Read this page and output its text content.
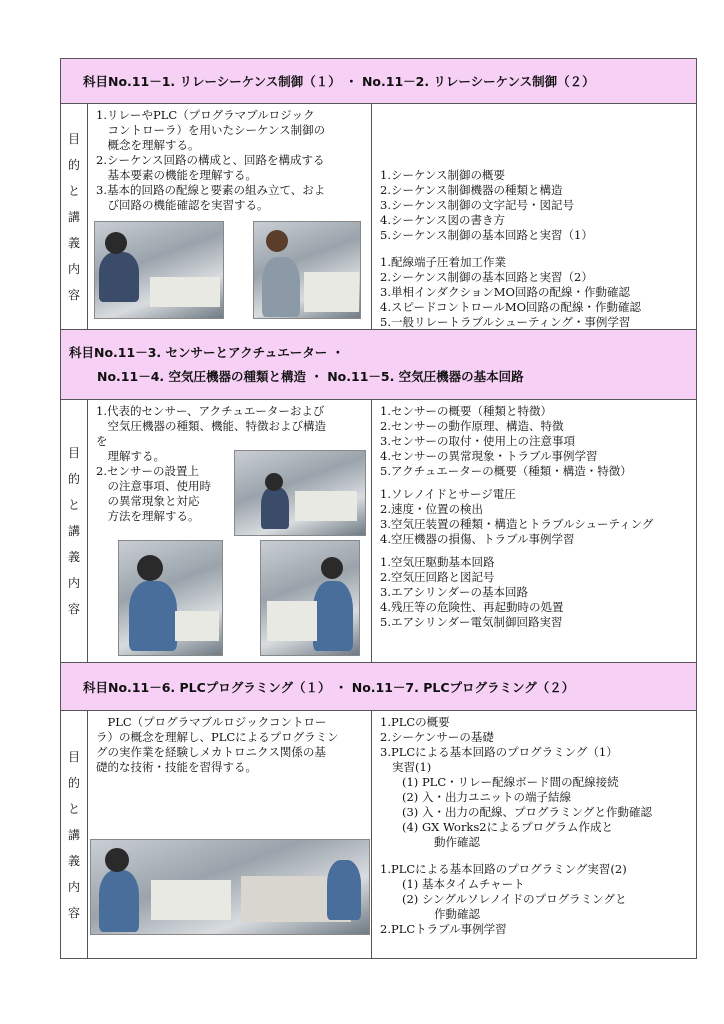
科目No.11－1. リレーシーケンス制御（１） ・ No.11－2. リレーシーケンス制御（２）
目
的
と
講
義
内
容
1.リレーやPLC（プログラマブルロジック
　コントローラ）を用いたシーケンス制御の
　概念を理解する。
2.シーケンス回路の構成と、回路を構成する
　基本要素の機能を理解する。
3.基本的回路の配線と要素の組み立て、およ
　び回路の機能確認を実習する。
1.シーケンス制御の概要
2.シーケンス制御機器の種類と構造
3.シーケンス制御の文字記号・図記号
4.シーケンス図の書き方
5.シーケンス制御の基本回路と実習（1）
1.配線端子圧着加工作業
2.シーケンス制御の基本回路と実習（2）
3.単相インダクションMO回路の配線・作動確認
4.スピードコントロールMO回路の配線・作動確認
5.一般リレートラブルシューティング・事例学習
科目No.11－3. センサーとアクチュエーター ・
No.11－4. 空気圧機器の種類と構造 ・ No.11－5. 空気圧機器の基本回路
目
的
と
講
義
内
容
1.代表的センサー、アクチュエーターおよび
　空気圧機器の種類、機能、特徴および構造
を
　理解する。
2.センサーの設置上
　の注意事項、使用時
　の異常現象と対応
　方法を理解する。
1.センサーの概要（種類と特徴）
2.センサーの動作原理、構造、特徴
3.センサーの取付・使用上の注意事項
4.センサーの異常現象・トラブル事例学習
5.アクチュエーターの概要（種類・構造・特徴）
1.ソレノイドとサージ電圧
2.速度・位置の検出
3.空気圧装置の種類・構造とトラブルシューティング
4.空圧機器の損傷、トラブル事例学習
1.空気圧駆動基本回路
2.空気圧回路と図記号
3.エアシリンダーの基本回路
4.残圧等の危険性、再起動時の処置
5.エアシリンダー電気制御回路実習
科目No.11－6. PLCプログラミング（１） ・ No.11－7. PLCプログラミング（２）
目
的
と
講
義
内
容
　PLC（プログラマブルロジックコントロー
ラ）の概念を理解し、PLCによるプログラミン
グの実作業を経験しメカトロニクス関係の基
礎的な技術・技能を習得する。
1.PLCの概要
2.シーケンサーの基礎
3.PLCによる基本回路のプログラミング（1）
実習(1)
(1) PLC・リレー配線ボード間の配線接続
(2) 入・出力ユニットの端子結線
(3) 入・出力の配線、プログラミングと作動確認
(4) GX Works2によるプログラム作成と
動作確認
1.PLCによる基本回路のプログラミング実習(2)
(1) 基本タイムチャート
(2) シングルソレノイドのプログラミングと
作動確認
2.PLCトラブル事例学習
